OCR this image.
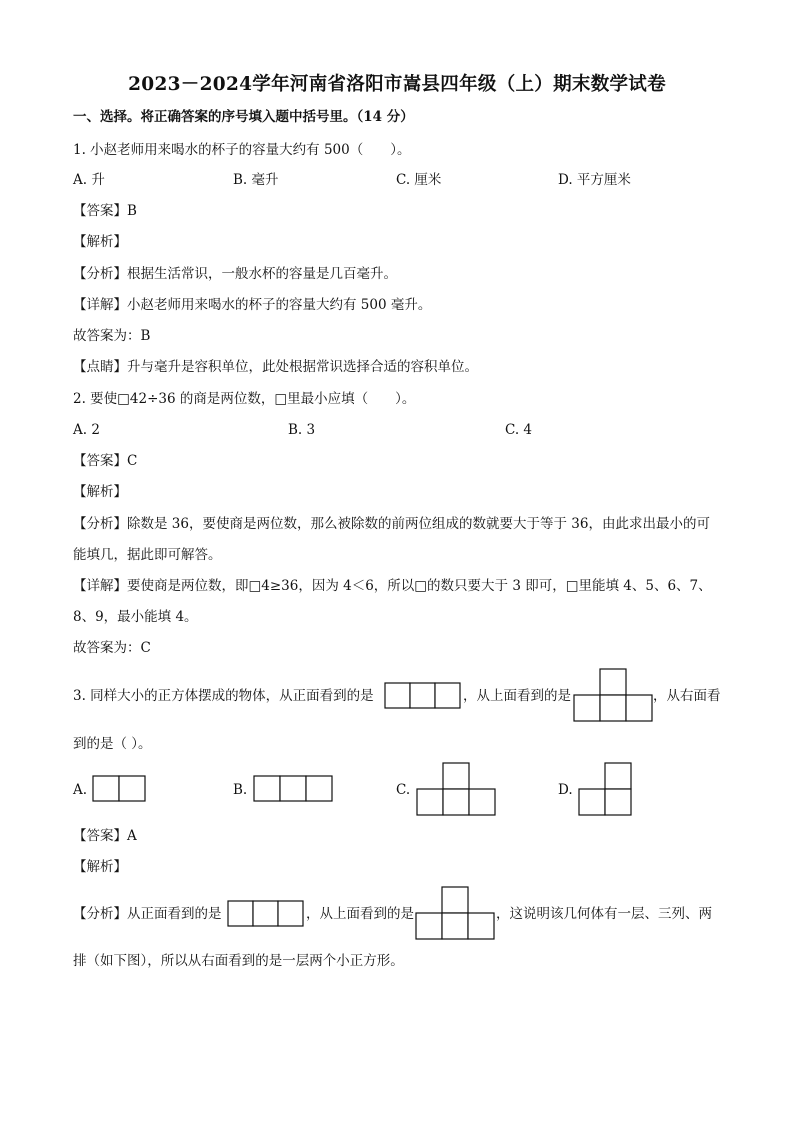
2023－2024学年河南省洛阳市嵩县四年级（上）期末数学试卷
一、选择。将正确答案的序号填入题中括号里。（14 分）
1. 小赵老师用来喝水的杯子的容量大约有 500（　　）。
A. 升	B. 毫升	C. 厘米	D. 平方厘米
【答案】B
【解析】
【分析】根据生活常识，一般水杯的容量是几百毫升。
【详解】小赵老师用来喝水的杯子的容量大约有 500 毫升。
故答案为：B
【点睛】升与毫升是容积单位，此处根据常识选择合适的容积单位。
2. 要使□42÷36 的商是两位数，□里最小应填（　　）。
A. 2	B. 3	C. 4
【答案】C
【解析】
【分析】除数是 36，要使商是两位数，那么被除数的前两位组成的数就要大于等于 36，由此求出最小的可
能填几，据此即可解答。
【详解】要使商是两位数，即□4≥36，因为 4＜6，所以□的数只要大于 3 即可，□里能填 4、5、6、7、
8、9，最小能填 4。
故答案为：C
3. 同样大小的正方体摆成的物体，从正面看到的是	，从上面看到的是	，从右面看
到的是（ ）。
A.	B.	C.	D.
【答案】A
【解析】
【分析】从正面看到的是	，从上面看到的是	，这说明该几何体有一层、三列、两
排（如下图），所以从右面看到的是一层两个小正方形。
